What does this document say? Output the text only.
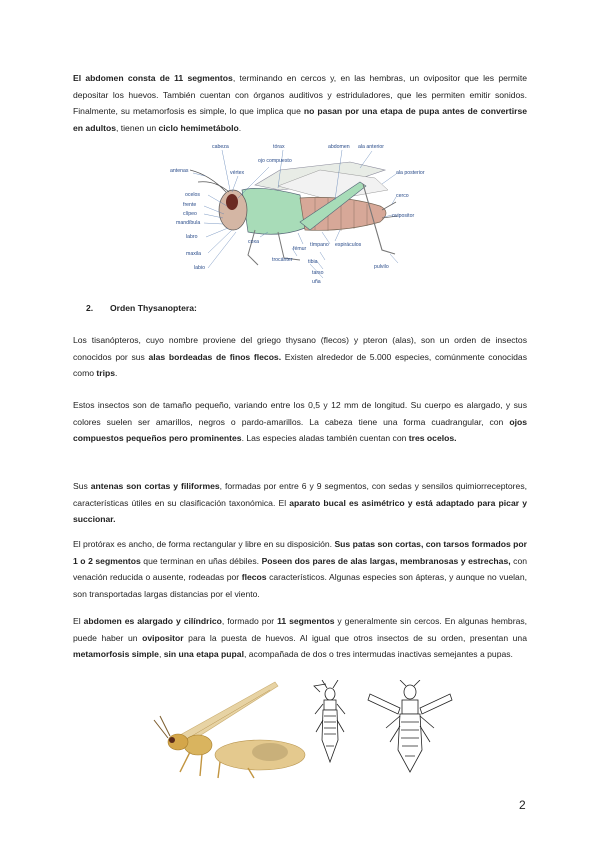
El abdomen consta de 11 segmentos, terminando en cercos y, en las hembras, un ovipositor que les permite depositar los huevos. También cuentan con órganos auditivos y estriduladores, que les permiten emitir sonidos. Finalmente, su metamorfosis es simple, lo que implica que no pasan por una etapa de pupa antes de convertirse en adultos, tienen un ciclo hemimetábolo.

cabeza	tórax	abdomen ala anterior
ojo compuesto
vértex
antenas	ala posterior
ocelos
frente
clípeo
mandíbula
labro
maxila
labio
cerco
ovipositor
coxa
fémur
tímpano espiráculos
trocánter	tibia
pulvilo
tarso
uña
2. Orden Thysanoptera:

Los tisanópteros, cuyo nombre proviene del griego thysano (flecos) y pteron (alas), son un orden de insectos conocidos por sus alas bordeadas de finos flecos. Existen alrededor de 5.000 especies, comúnmente conocidas como trips.

Estos insectos son de tamaño pequeño, variando entre los 0,5 y 12 mm de longitud. Su cuerpo es alargado, y sus colores suelen ser amarillos, negros o pardo-amarillos. La cabeza tiene una forma cuadrangular, con ojos compuestos pequeños pero prominentes. Las especies aladas también cuentan con tres ocelos.

Sus antenas son cortas y filiformes, formadas por entre 6 y 9 segmentos, con sedas y sensilos quimiorreceptores, características útiles en su clasificación taxonómica. El aparato bucal es asimétrico y está adaptado para picar y succionar.

El protórax es ancho, de forma rectangular y libre en su disposición. Sus patas son cortas, con tarsos formados por 1 o 2 segmentos que terminan en uñas débiles. Poseen dos pares de alas largas, membranosas y estrechas, con venación reducida o ausente, rodeadas por flecos característicos. Algunas especies son ápteras, y aunque no vuelan, son transportadas largas distancias por el viento.

El abdomen es alargado y cilíndrico, formado por 11 segmentos y generalmente sin cercos. En algunas hembras, puede haber un ovipositor para la puesta de huevos. Al igual que otros insectos de su orden, presentan una metamorfosis simple, sin una etapa pupal, acompañada de dos o tres intermudas inactivas semejantes a pupas.

2
